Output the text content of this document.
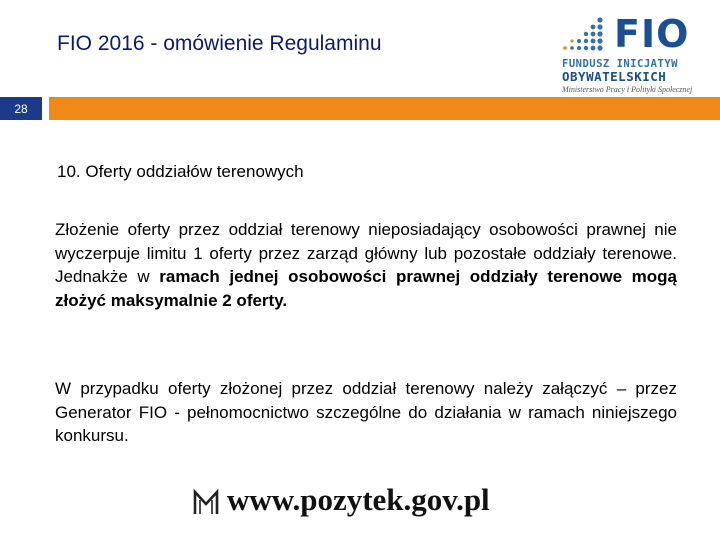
FIO 2016 - omówienie Regulaminu	FIO
FUNDUSZ INICJATYW
OBYWATELSKICH
Ministerstwo Pracy i Polityki Społecznej
28
10. Oferty oddziałów terenowych
Złożenie oferty przez oddział terenowy nieposiadający osobowości prawnej nie wyczerpuje limitu 1 oferty przez zarząd główny lub pozostałe oddziały terenowe. Jednakże w ramach jednej osobowości prawnej oddziały terenowe mogą złożyć maksymalnie 2 oferty.
W przypadku oferty złożonej przez oddział terenowy należy załączyć – przez Generator FIO - pełnomocnictwo szczególne do działania w ramach niniejszego konkursu.
www.pozytek.gov.pl
